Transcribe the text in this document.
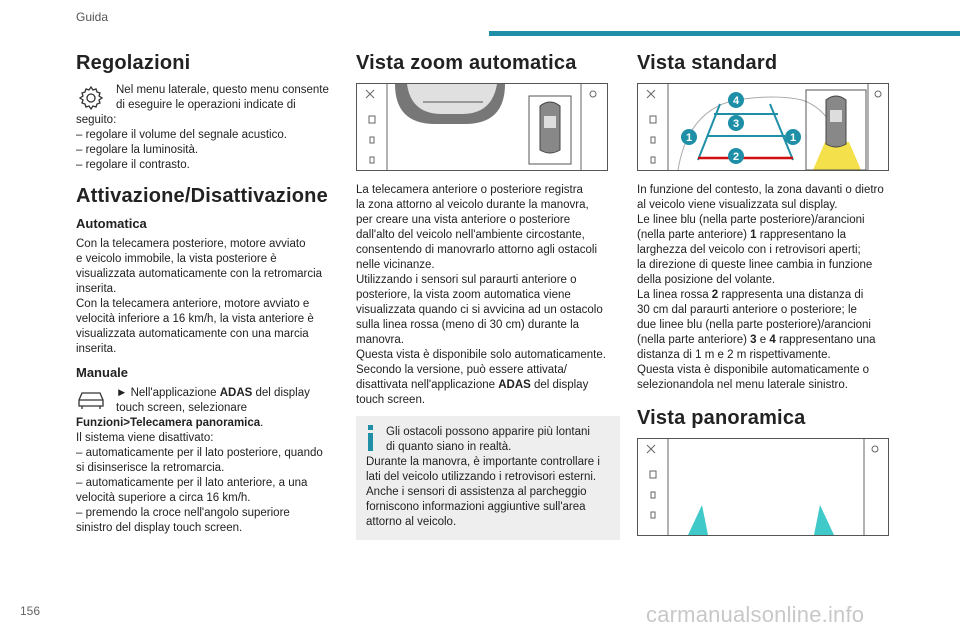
Guida
Regolazioni

Nel menu laterale, questo menu consente
di eseguire le operazioni indicate di

seguito:
– regolare il volume del segnale acustico.
– regolare la luminosità.
– regolare il contrasto.

Attivazione/Disattivazione
Automatica

Con la telecamera posteriore, motore avviato
e veicolo immobile, la vista posteriore è
visualizzata automaticamente con la retromarcia
inserita.
Con la telecamera anteriore, motore avviato e
velocità inferiore a 16 km/h, la vista anteriore è
visualizzata automaticamente con una marcia
inserita.

Manuale

► Nell'applicazione ADAS del display
touch screen, selezionare

Funzioni>Telecamera panoramica.
Il sistema viene disattivato:
– automaticamente per il lato posteriore, quando
si disinserisce la retromarcia.
– automaticamente per il lato anteriore, a una
velocità superiore a circa 16 km/h.
– premendo la croce nell'angolo superiore
sinistro del display touch screen.

Vista zoom automatica

La telecamera anteriore o posteriore registra
la zona attorno al veicolo durante la manovra,
per creare una vista anteriore o posteriore
dall'alto del veicolo nell'ambiente circostante,
consentendo di manovrarlo attorno agli ostacoli
nelle vicinanze.
Utilizzando i sensori sul paraurti anteriore o
posteriore, la vista zoom automatica viene
visualizzata quando ci si avvicina ad un ostacolo
sulla linea rossa (meno di 30 cm) durante la
manovra.
Questa vista è disponibile solo automaticamente.
Secondo la versione, può essere attivata/
disattivata nell'applicazione ADAS del display
touch screen.

Gli ostacoli possono apparire più lontani
di quanto siano in realtà.
Durante la manovra, è importante controllare i
lati del veicolo utilizzando i retrovisori esterni.
Anche i sensori di assistenza al parcheggio
forniscono informazioni aggiuntive sull'area
attorno al veicolo.

Vista standard
4
3
1	1
2

In funzione del contesto, la zona davanti o dietro
al veicolo viene visualizzata sul display.
Le linee blu (nella parte posteriore)/arancioni
(nella parte anteriore) 1 rappresentano la
larghezza del veicolo con i retrovisori aperti;
la direzione di queste linee cambia in funzione
della posizione del volante.
La linea rossa 2 rappresenta una distanza di
30 cm dal paraurti anteriore o posteriore; le
due linee blu (nella parte posteriore)/arancioni
(nella parte anteriore) 3 e 4 rappresentano una
distanza di 1 m e 2 m rispettivamente.
Questa vista è disponibile automaticamente o
selezionandola nel menu laterale sinistro.

Vista panoramica
156	carmanualsonline.info
